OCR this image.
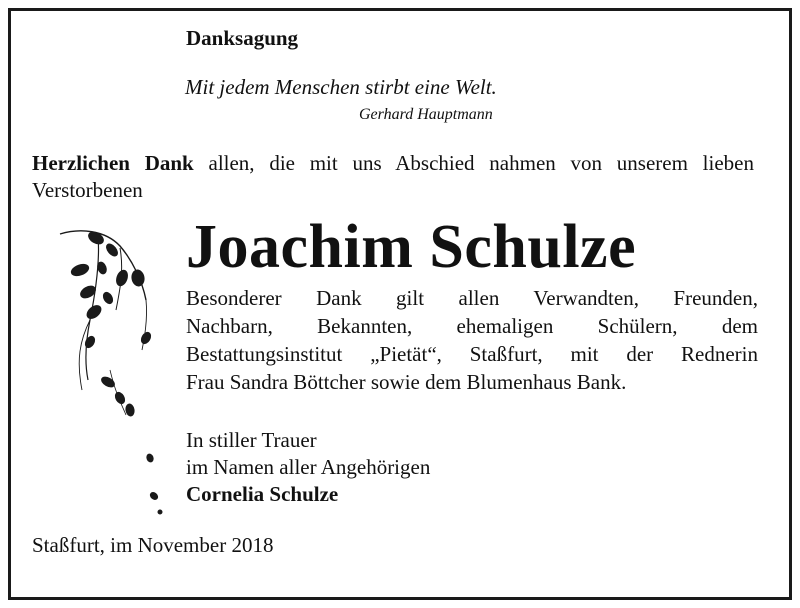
Danksagung

Mit jedem Menschen stirbt eine Welt.

Gerhard Hauptmann

Herzlichen Dank allen, die mit uns Abschied nahmen von unserem lieben Verstorbenen

Joachim Schulze
Besonderer Dank gilt allen Verwandten, Freunden,
Nachbarn, Bekannten, ehemaligen Schülern, dem
Bestattungsinstitut „Pietät“, Staßfurt, mit der Rednerin
Frau Sandra Böttcher sowie dem Blumenhaus Bank.
In stiller Trauer
im Namen aller Angehörigen
Cornelia Schulze

Staßfurt, im November 2018
